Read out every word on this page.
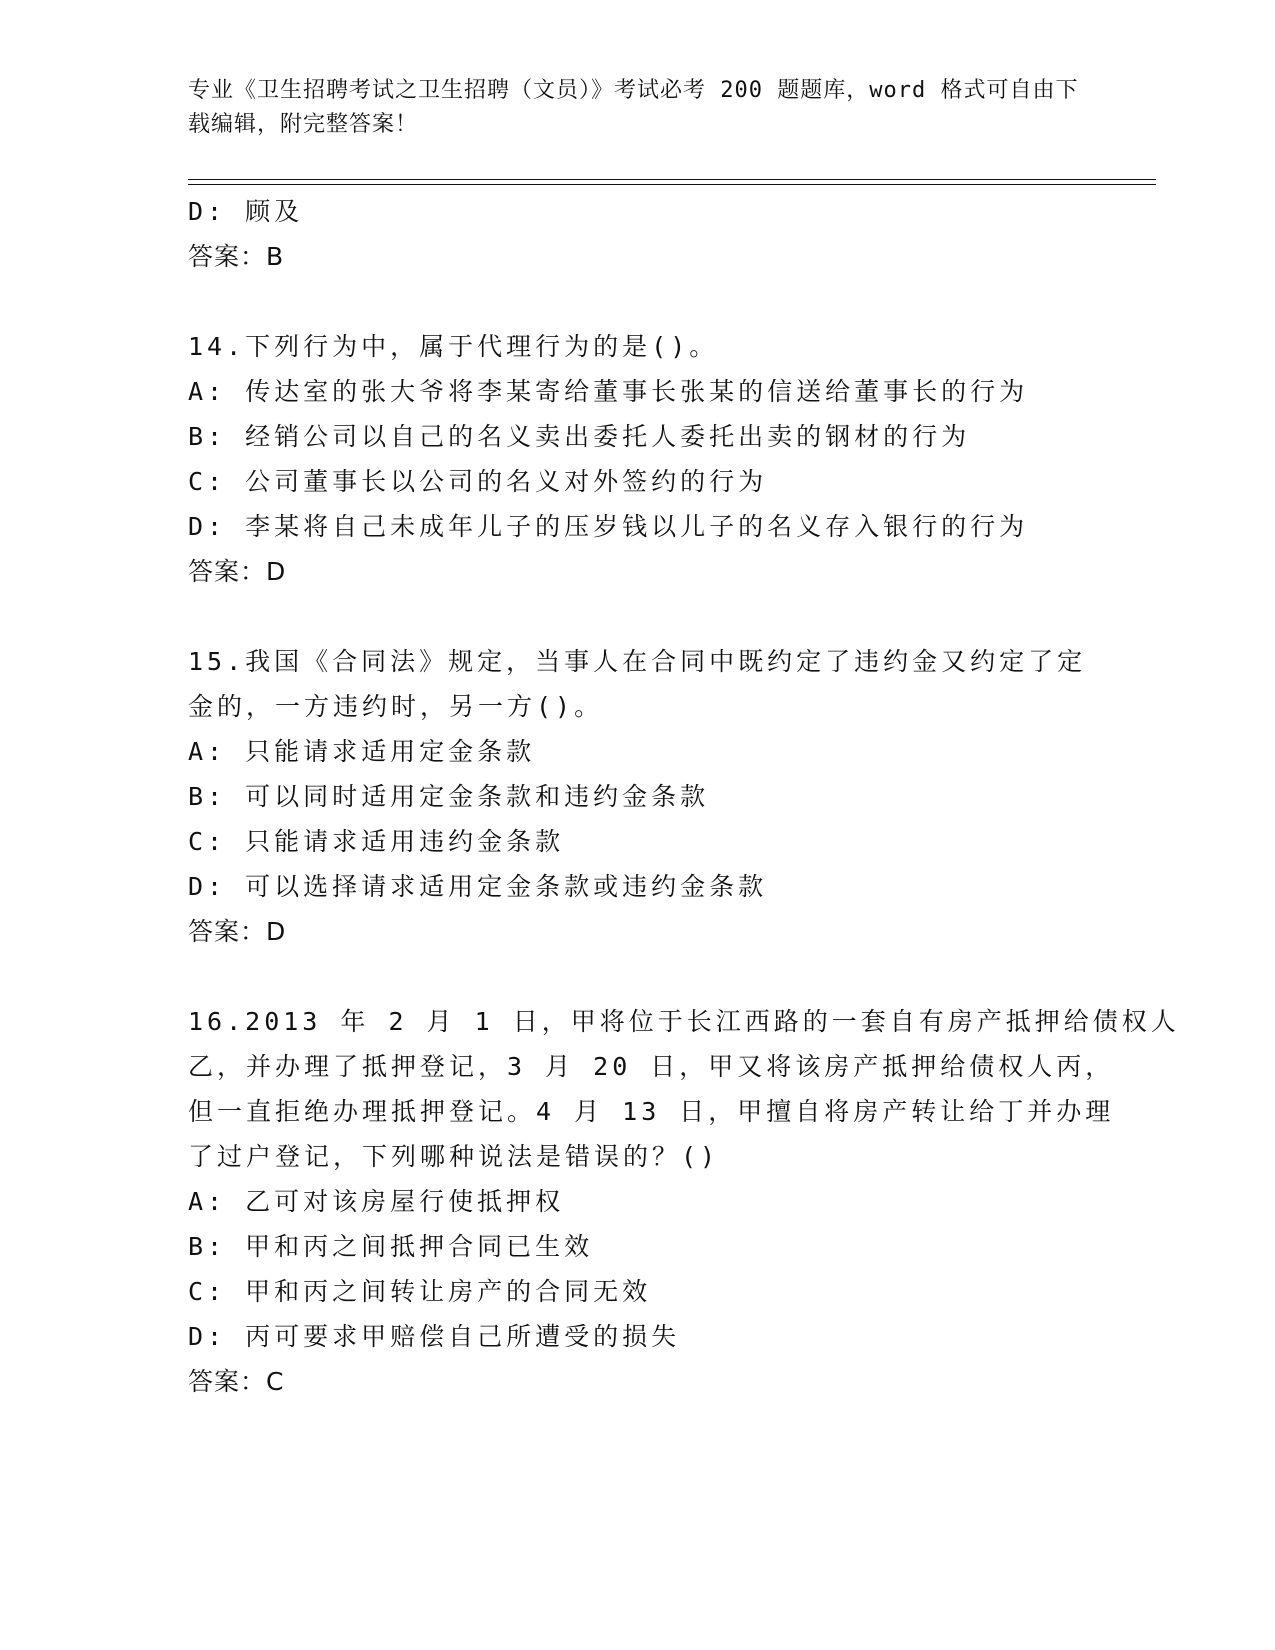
专业《卫生招聘考试之卫生招聘（文员）》考试必考 200 题题库，word 格式可自由下载编辑，附完整答案！
D: 顾及
答案：B
14.下列行为中，属于代理行为的是()。
A: 传达室的张大爷将李某寄给董事长张某的信送给董事长的行为
B: 经销公司以自己的名义卖出委托人委托出卖的钢材的行为
C: 公司董事长以公司的名义对外签约的行为
D: 李某将自己未成年儿子的压岁钱以儿子的名义存入银行的行为
答案：D
15.我国《合同法》规定，当事人在合同中既约定了违约金又约定了定
金的，一方违约时，另一方()。
A: 只能请求适用定金条款
B: 可以同时适用定金条款和违约金条款
C: 只能请求适用违约金条款
D: 可以选择请求适用定金条款或违约金条款
答案：D
16.2013 年 2 月 1 日，甲将位于长江西路的一套自有房产抵押给债权人
乙，并办理了抵押登记，3 月 20 日，甲又将该房产抵押给债权人丙，
但一直拒绝办理抵押登记。4 月 13 日，甲擅自将房产转让给丁并办理
了过户登记，下列哪种说法是错误的？()
A: 乙可对该房屋行使抵押权
B: 甲和丙之间抵押合同已生效
C: 甲和丙之间转让房产的合同无效
D: 丙可要求甲赔偿自己所遭受的损失
答案：C
